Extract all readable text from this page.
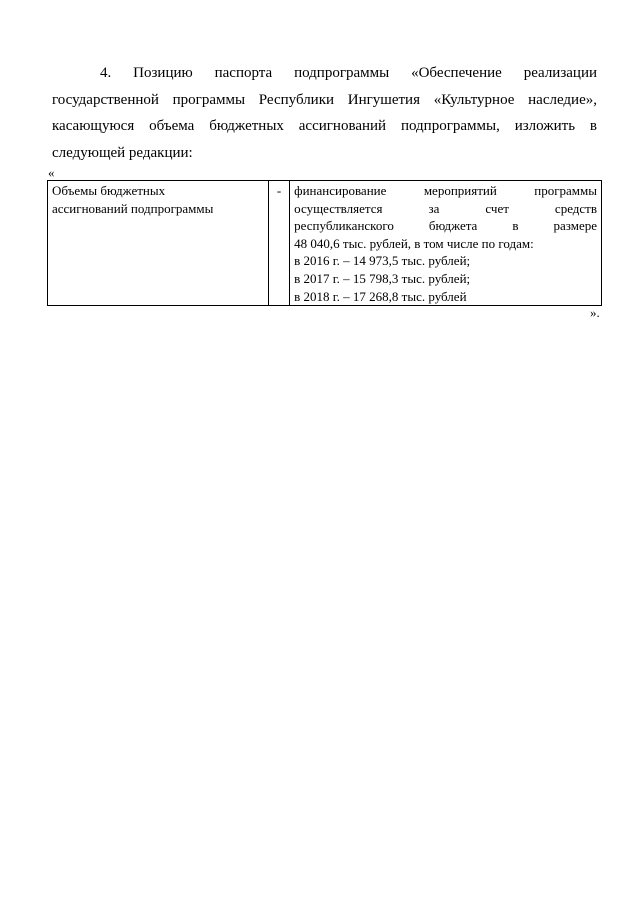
4. Позицию паспорта подпрограммы «Обеспечение реализации
государственной программы Республики Ингушетия «Культурное наследие»,
касающуюся объема бюджетных ассигнований подпрограммы, изложить в
следующей редакции:
«
Объемы бюджетных
ассигнований подпрограммы
	-	финансирование мероприятий программы
осуществляется за счет средств
республиканского бюджета в размере
48 040,6 тыс. рублей, в том числе по годам:
в 2016 г. – 14 973,5 тыс. рублей;
в 2017 г. – 15 798,3 тыс. рублей;
в 2018 г. – 17 268,8 тыс. рублей
».
